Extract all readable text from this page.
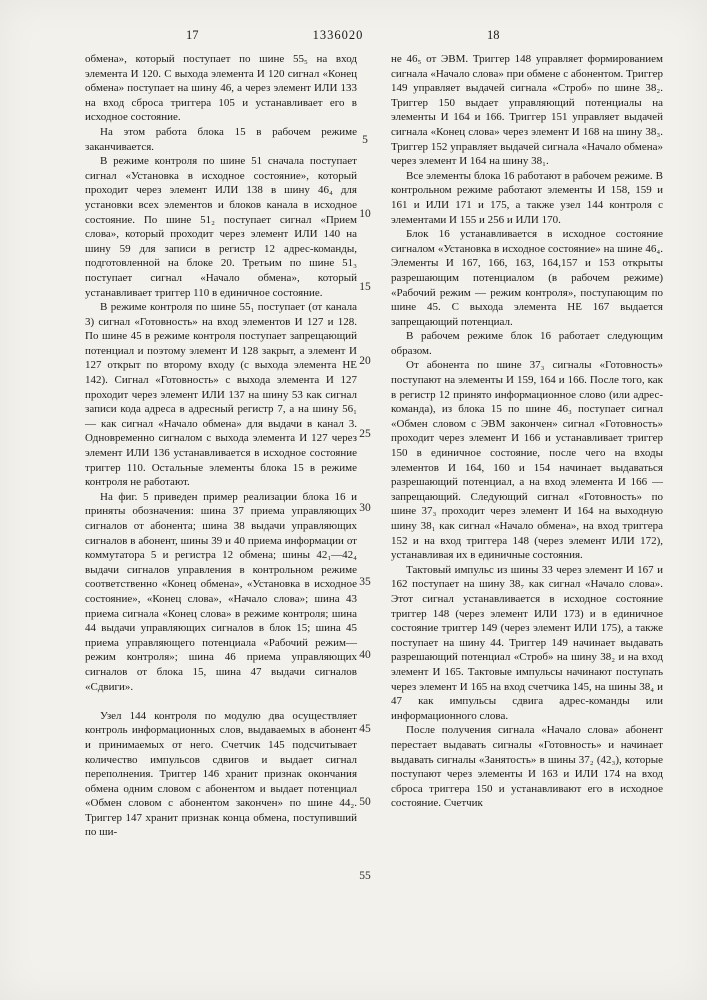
17	1336020	18

обмена», который поступает по шине 55₅ на вход элемента И 120. С выхода элемента И 120 сигнал «Конец обмена» поступает на шину 46, а через элемент ИЛИ 133 на вход сброса триггера 105 и устанавливает его в исходное состояние.

На этом работа блока 15 в рабочем режиме заканчивается.

В режиме контроля по шине 51 сначала поступает сигнал «Установка в исходное состояние», который проходит через элемент ИЛИ 138 в шину 46₄ для установки всех элементов и блоков канала в исходное состояние. По шине 51₂ поступает сигнал «Прием слова», который проходит через элемент ИЛИ 140 на шину 59 для записи в регистр 12 адрес-команды, подготовленной на блоке 20. Третьим по шине 51₃ поступает сигнал «Начало обмена», который устанавливает триггер 110 в единичное состояние.

В режиме контроля по шине 55₁ поступает (от канала 3) сигнал «Готовность» на вход элементов И 127 и 128. По шине 45 в режиме контроля поступает запрещающий потенциал и поэтому элемент И 128 закрыт, а элемент И 127 открыт по второму входу (с выхода элемента НЕ 142). Сигнал «Готовность» с выхода элемента И 127 проходит через элемент ИЛИ 137 на шину 53 как сигнал записи кода адреса в адресный регистр 7, а на шину 56₁ — как сигнал «Начало обмена» для выдачи в канал 3. Одновременно сигналом с выхода элемента И 127 через элемент ИЛИ 136 устанавливается в исходное состояние триггер 110. Остальные элементы блока 15 в режиме контроля не работают.

На фиг. 5 приведен пример реализации блока 16 и приняты обозначения: шина 37 приема управляющих сигналов от абонента; шина 38 выдачи управляющих сигналов в абонент, шины 39 и 40 приема информации от коммутатора 5 и регистра 12 обмена; шины 42₁—42₄ выдачи сигналов управления в контрольном режиме соответственно «Конец обмена», «Установка в исходное состояние», «Конец слова», «Начало слова»; шина 43 приема сигнала «Конец слова» в режиме контроля; шина 44 выдачи управляющих сигналов в блок 15; шина 45 приема управляющего потенциала «Рабочий режим—режим контроля»; шина 46 приема управляющих сигналов от блока 15, шина 47 выдачи сигналов «Сдвиги».

Узел 144 контроля по модулю два осуществляет контроль информационных слов, выдаваемых в абонент и принимаемых от него. Счетчик 145 подсчитывает количество импульсов сдвигов и выдает сигнал переполнения. Триггер 146 хранит признак окончания обмена одним словом с абонентом и выдает потенциал «Обмен словом с абонентом закончен» по шине 44₂. Триггер 147 хранит признак конца обмена, поступивший по ши-

5
10
15
20
25
30
35
40
45
50
55

не 46₅ от ЭВМ. Триггер 148 управляет формированием сигнала «Начало слова» при обмене с абонентом. Триггер 149 управляет выдачей сигнала «Строб» по шине 38₂. Триггер 150 выдает управляющий потенциалы на элементы И 164 и 166. Триггер 151 управляет выдачей сигнала «Конец слова» через элемент И 168 на шину 38₃. Триггер 152 управляет выдачей сигнала «Начало обмена» через элемент И 164 на шину 38₁.

Все элементы блока 16 работают в рабочем режиме. В контрольном режиме работают элементы И 158, 159 и 161 и ИЛИ 171 и 175, а также узел 144 контроля с элементами И 155 и 256 и ИЛИ 170.

Блок 16 устанавливается в исходное состояние сигналом «Установка в исходное состояние» на шине 46₄. Элементы И 167, 166, 163, 164,157 и 153 открыты разрешающим потенциалом (в рабочем режиме) «Рабочий режим — режим контроля», поступающим по шине 45. С выхода элемента НЕ 167 выдается запрещающий потенциал.

В рабочем режиме блок 16 работает следующим образом.

От абонента по шине 37₃ сигналы «Готовность» поступают на элементы И 159, 164 и 166. После того, как в регистр 12 принято информационное слово (или адрес-команда), из блока 15 по шине 46₃ поступает сигнал «Обмен словом с ЭВМ закончен» сигнал «Готовность» проходит через элемент И 166 и устанавливает триггер 150 в единичное состояние, после чего на входы элементов И 164, 160 и 154 начинает выдаваться разрешающий потенциал, а на вход элемента И 166 — запрещающий. Следующий сигнал «Готовность» по шине 37₃ проходит через элемент И 164 на выходную шину 38₁ как сигнал «Начало обмена», на вход триггера 152 и на вход триггера 148 (через элемент ИЛИ 172), устанавливая их в единичные состояния.

Тактовый импульс из шины 33 через элемент И 167 и 162 поступает на шину 38₇ как сигнал «Начало слова». Этот сигнал устанавливается в исходное состояние триггер 148 (через элемент ИЛИ 173) и в единичное состояние триггер 149 (через элемент ИЛИ 175), а также поступает на шину 44. Триггер 149 начинает выдавать разрешающий потенциал «Строб» на шину 38₂ и на вход элемент И 165. Тактовые импульсы начинают поступать через элемент И 165 на вход счетчика 145, на шины 38₄ и 47 как импульсы сдвига адрес-команды или информационного слова.

После получения сигнала «Начало слова» абонент перестает выдавать сигналы «Готовность» и начинает выдавать сигналы «Занятость» в шины 37₂ (42₃), которые поступают через элементы И 163 и ИЛИ 174 на вход сброса триггера 150 и устанавливают его в исходное состояние. Счетчик
